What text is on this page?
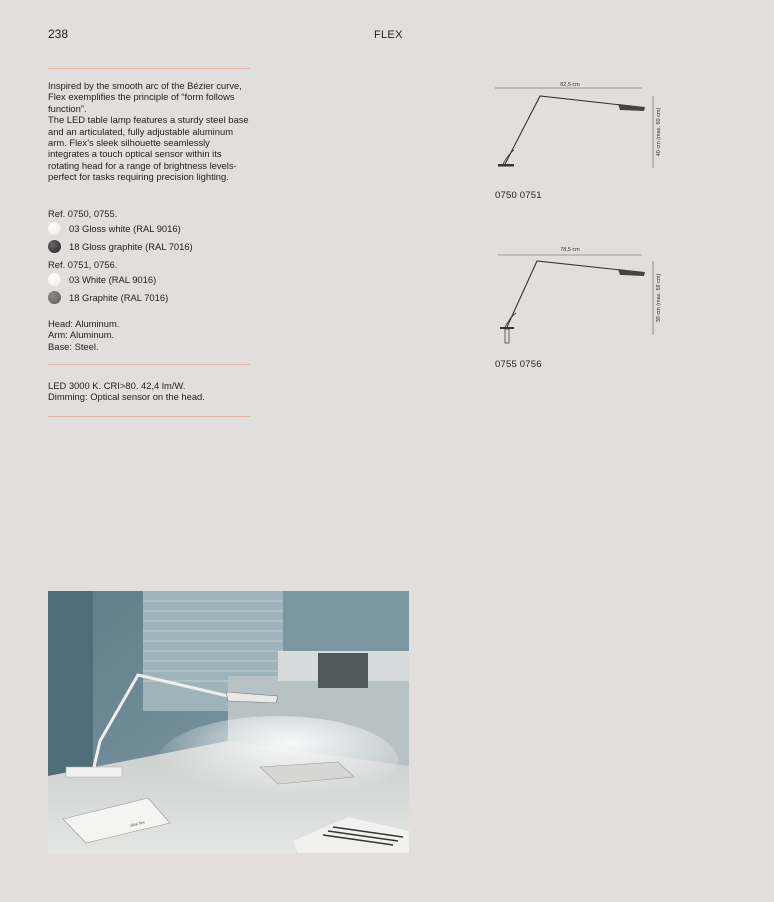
238	FLEX

Inspired by the smooth arc of the Bézier curve, Flex exemplifies the principle of “form follows function”.

The LED table lamp features a sturdy steel base and an articulated, fully adjustable aluminum arm. Flex’s sleek silhouette seamlessly integrates a touch optical sensor within its rotating head for a range of brightness levels-perfect for tasks requiring precision lighting.

Ref. 0750, 0755.
03 Gloss white (RAL 9016)
18 Gloss graphite (RAL 7016)
Ref. 0751, 0756.
03 White (RAL 9016)
18 Graphite (RAL 7016)
Head: Aluminum.
Arm: Aluminum.
Base: Steel.
LED 3000 K. CRI>80. 42,4 lm/W.
Dimming: Optical sensor on the head.
82,5 cm
40 cm (max. 60 cm)
0750 0751
78,5 cm
39 cm (max. 59 cm)
0755 0756
vibia flex
